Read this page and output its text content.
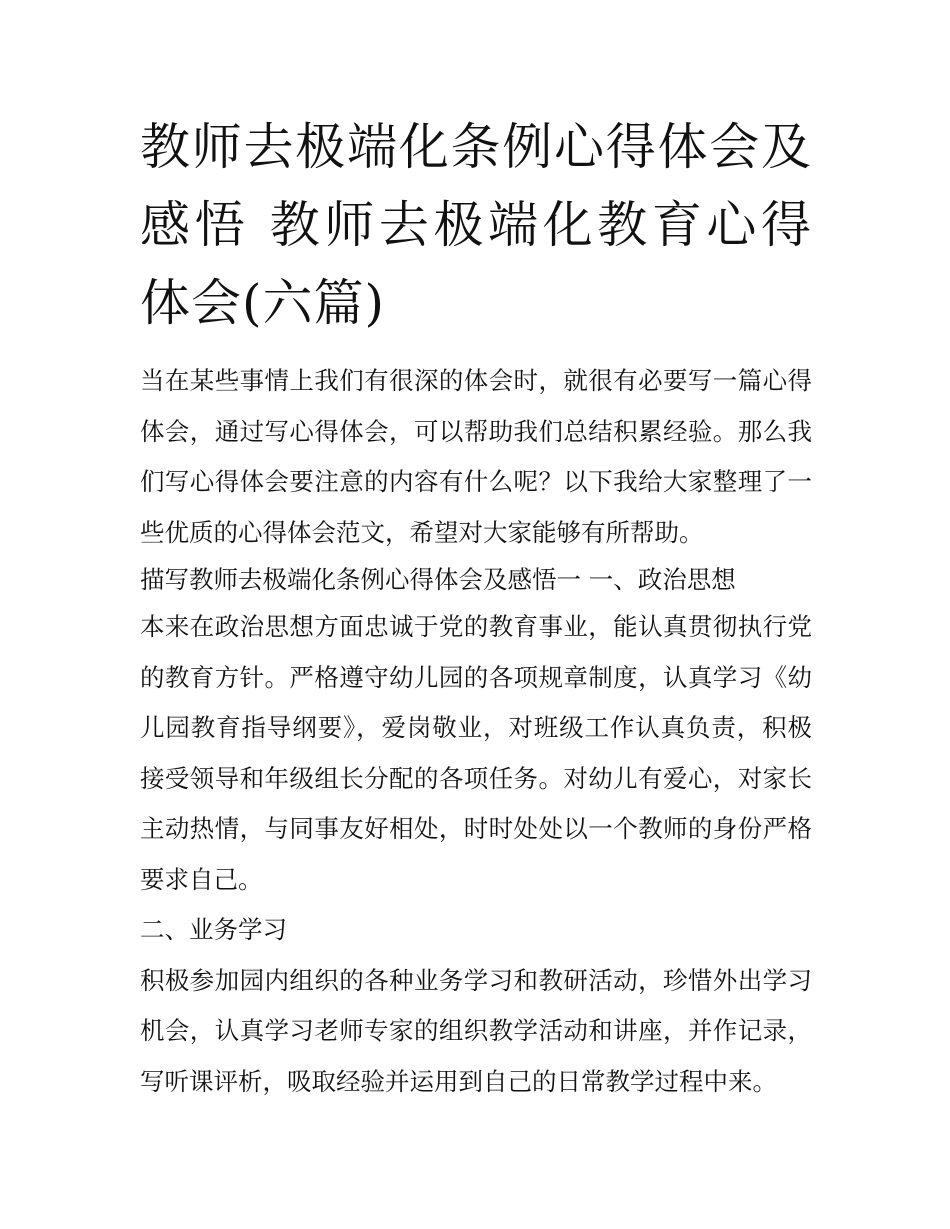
教师去极端化条例心得体会及感悟 教师去极端化教育心得体会(六篇)

当在某些事情上我们有很深的体会时，就很有必要写一篇心得体会，通过写心得体会，可以帮助我们总结积累经验。那么我们写心得体会要注意的内容有什么呢？以下我给大家整理了一些优质的心得体会范文，希望对大家能够有所帮助。

描写教师去极端化条例心得体会及感悟一 一、政治思想

本来在政治思想方面忠诚于党的教育事业，能认真贯彻执行党的教育方针。严格遵守幼儿园的各项规章制度，认真学习《幼儿园教育指导纲要》，爱岗敬业，对班级工作认真负责，积极接受领导和年级组长分配的各项任务。对幼儿有爱心，对家长主动热情，与同事友好相处，时时处处以一个教师的身份严格要求自己。

二、业务学习

积极参加园内组织的各种业务学习和教研活动，珍惜外出学习机会，认真学习老师专家的组织教学活动和讲座，并作记录，写听课评析，吸取经验并运用到自己的日常教学过程中来。
